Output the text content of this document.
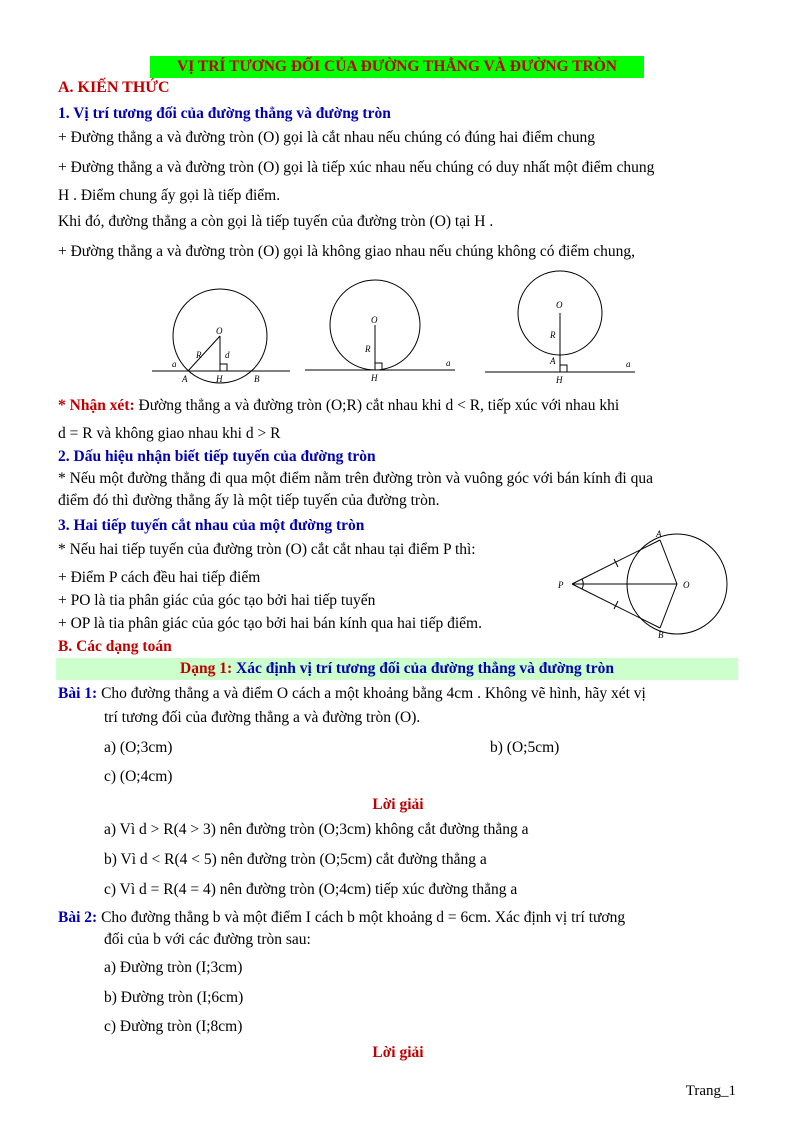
VỊ TRÍ TƯƠNG ĐỐI CỦA ĐƯỜNG THẲNG VÀ ĐƯỜNG TRÒN
A. KIẾN THỨC
1. Vị trí tương đối của đường thẳng và đường tròn
+ Đường thẳng a và đường tròn (O) gọi là cắt nhau nếu chúng có đúng hai điểm chung
+ Đường thẳng a và đường tròn (O) gọi là tiếp xúc nhau nếu chúng có duy nhất một điểm chung
H . Điểm chung ấy gọi là tiếp điểm.
Khi đó, đường thẳng a còn gọi là tiếp tuyến của đường tròn (O) tại H .
+ Đường thẳng a và đường tròn (O) gọi là không giao nhau nếu chúng không có điểm chung,
O
R	d
a
A	H	B
O
R
a
H
O
R
A	a
H
* Nhận xét: Đường thẳng a và đường tròn (O;R) cắt nhau khi d < R, tiếp xúc với nhau khi
d = R và không giao nhau khi d > R
2. Dấu hiệu nhận biết tiếp tuyến của đường tròn
* Nếu một đường thẳng đi qua một điểm nằm trên đường tròn và vuông góc với bán kính đi qua
điểm đó thì đường thẳng ấy là một tiếp tuyến của đường tròn.
3. Hai tiếp tuyến cắt nhau của một đường tròn
* Nếu hai tiếp tuyến của đường tròn (O) cắt cắt nhau tại điểm P thì:
+ Điểm P cách đều hai tiếp điểm
+ PO là tia phân giác của góc tạo bởi hai tiếp tuyến
+ OP là tia phân giác của góc tạo bởi hai bán kính qua hai tiếp điểm.
A
P	O
B
B. Các dạng toán
Dạng 1: Xác định vị trí tương đối của đường thẳng và đường tròn
Bài 1: Cho đường thẳng a và điểm O cách a một khoảng bằng 4cm . Không vẽ hình, hãy xét vị
trí tương đối của đường thẳng a và đường tròn (O).
a) (O;3cm)	b) (O;5cm)
c) (O;4cm)
Lời giải
a) Vì d > R(4 > 3) nên đường tròn (O;3cm) không cắt đường thẳng a
b) Vì d < R(4 < 5) nên đường tròn (O;5cm) cắt đường thẳng a
c) Vì d = R(4 = 4) nên đường tròn (O;4cm) tiếp xúc đường thẳng a
Bài 2: Cho đường thẳng b và một điểm I cách b một khoảng d = 6cm. Xác định vị trí tương
đối của b với các đường tròn sau:
a) Đường tròn (I;3cm)
b) Đường tròn (I;6cm)
c) Đường tròn (I;8cm)
Lời giải
Trang_1
